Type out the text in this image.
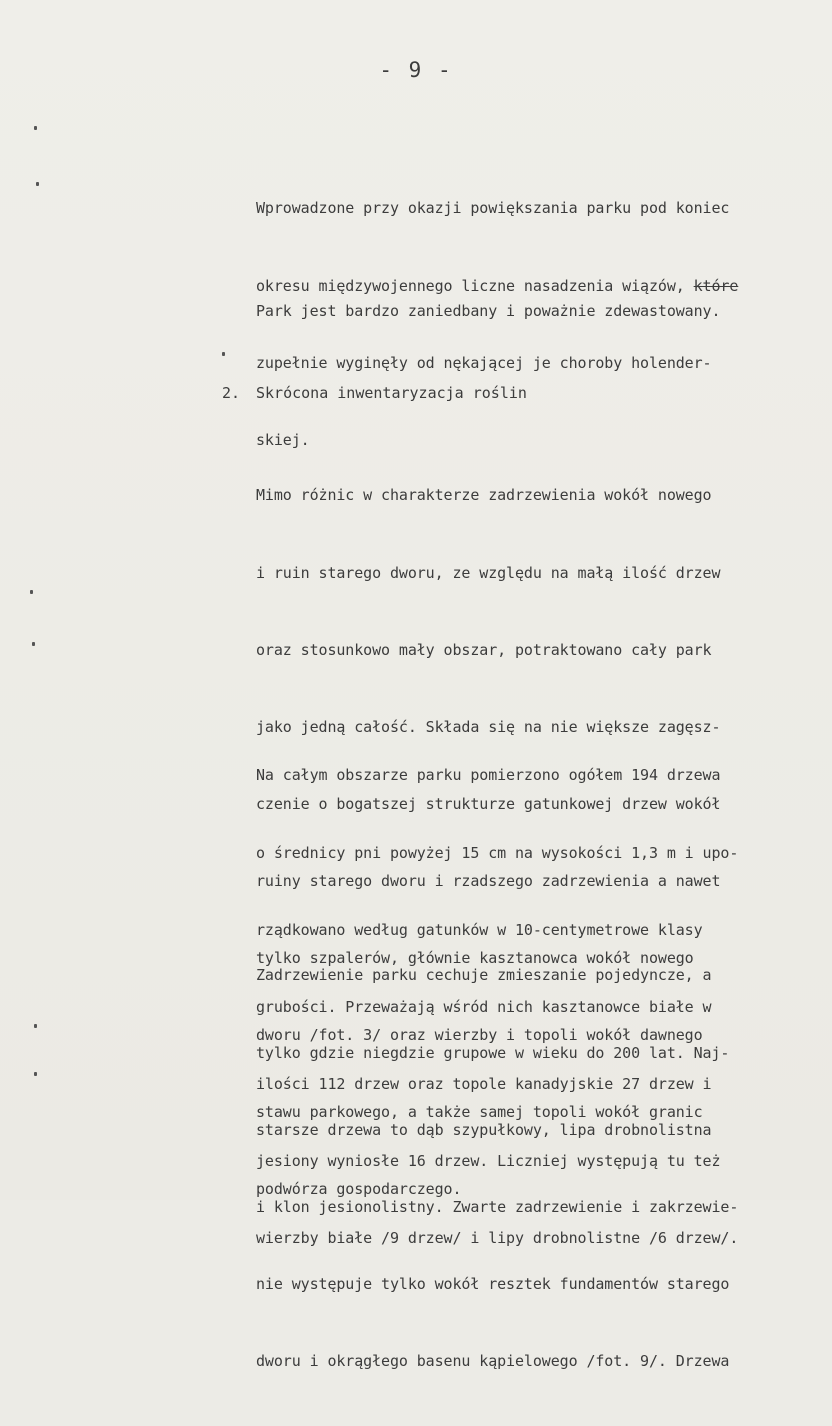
- 9 -

Wprowadzone przy okazji powiększania parku pod koniec

okresu międzywojennego liczne nasadzenia wiązów, które

zupełnie wyginęły od nękającej je choroby holender-

skiej.

Park jest bardzo zaniedbany i poważnie zdewastowany.

2. Skrócona inwentaryzacja roślin

Mimo różnic w charakterze zadrzewienia wokół nowego

i ruin starego dworu, ze względu na małą ilość drzew

oraz stosunkowo mały obszar, potraktowano cały park

jako jedną całość. Składa się na nie większe zagęsz-

czenie o bogatszej strukturze gatunkowej drzew wokół

ruiny starego dworu i rzadszego zadrzewienia a nawet

tylko szpalerów, głównie kasztanowca wokół nowego

dworu /fot. 3/ oraz wierzby i topoli wokół dawnego

stawu parkowego, a także samej topoli wokół granic

podwórza gospodarczego.

Na całym obszarze parku pomierzono ogółem 194 drzewa

o średnicy pni powyżej 15 cm na wysokości 1,3 m i upo-

rządkowano według gatunków w 10-centymetrowe klasy

grubości. Przeważają wśród nich kasztanowce białe w

ilości 112 drzew oraz topole kanadyjskie 27 drzew i

jesiony wyniosłe 16 drzew. Liczniej występują tu też

wierzby białe /9 drzew/ i lipy drobnolistne /6 drzew/.

Zadrzewienie parku cechuje zmieszanie pojedyncze, a

tylko gdzie niegdzie grupowe w wieku do 200 lat. Naj-

starsze drzewa to dąb szypułkowy, lipa drobnolistna

i klon jesionolistny. Zwarte zadrzewienie i zakrzewie-

nie występuje tylko wokół resztek fundamentów starego

dworu i okrągłego basenu kąpielowego /fot. 9/. Drzewa
